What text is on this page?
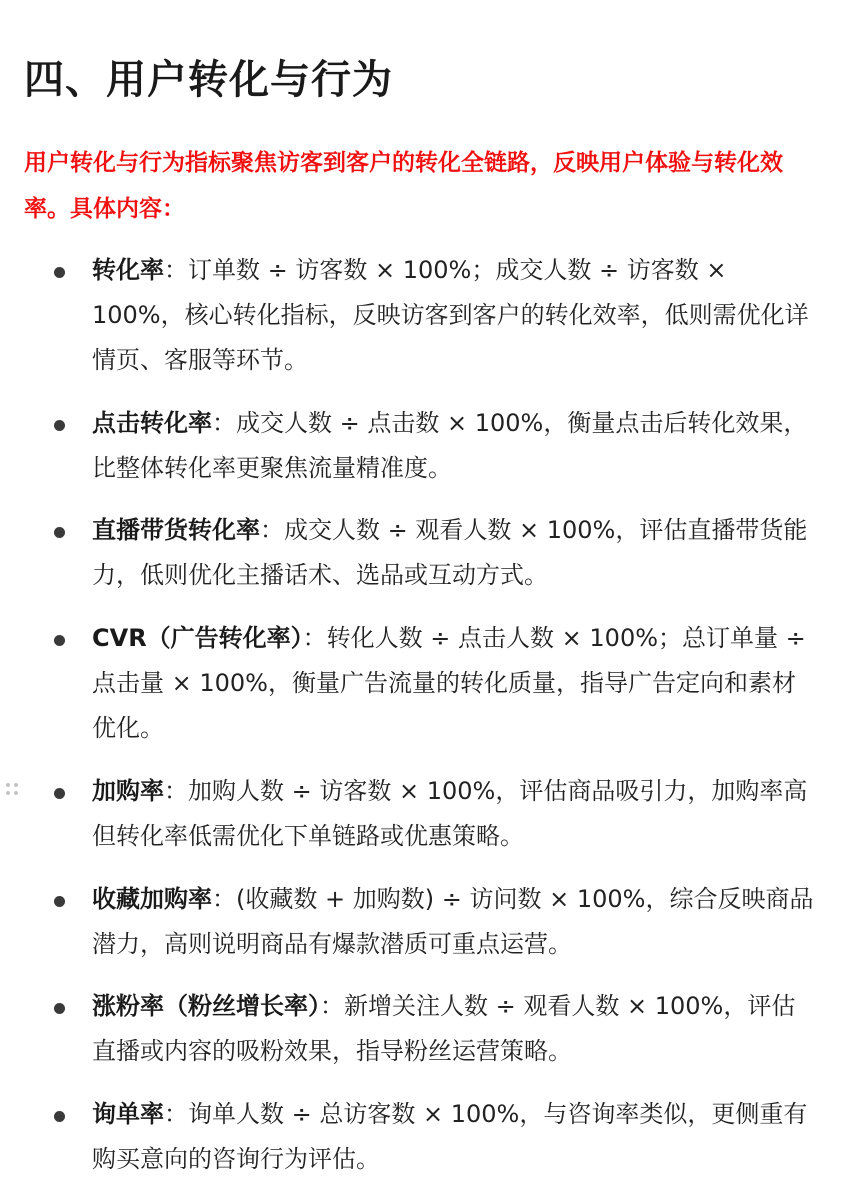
四、用户转化与行为

用户转化与行为指标聚焦访客到客户的转化全链路，反映用户体验与转化效率。具体内容：

转化率：订单数 ÷ 访客数 × 100%；成交人数 ÷ 访客数 × 100%，核心转化指标，反映访客到客户的转化效率，低则需优化详情页、客服等环节。

点击转化率：成交人数 ÷ 点击数 × 100%，衡量点击后转化效果，比整体转化率更聚焦流量精准度。

直播带货转化率：成交人数 ÷ 观看人数 × 100%，评估直播带货能力，低则优化主播话术、选品或互动方式。

CVR（广告转化率）：转化人数 ÷ 点击人数 × 100%；总订单量 ÷ 点击量 × 100%，衡量广告流量的转化质量，指导广告定向和素材优化。

加购率：加购人数 ÷ 访客数 × 100%，评估商品吸引力，加购率高但转化率低需优化下单链路或优惠策略。

收藏加购率：(收藏数 + 加购数) ÷ 访问数 × 100%，综合反映商品潜力，高则说明商品有爆款潜质可重点运营。

涨粉率（粉丝增长率）：新增关注人数 ÷ 观看人数 × 100%，评估直播或内容的吸粉效果，指导粉丝运营策略。

询单率：询单人数 ÷ 总访客数 × 100%，与咨询率类似，更侧重有购买意向的咨询行为评估。
